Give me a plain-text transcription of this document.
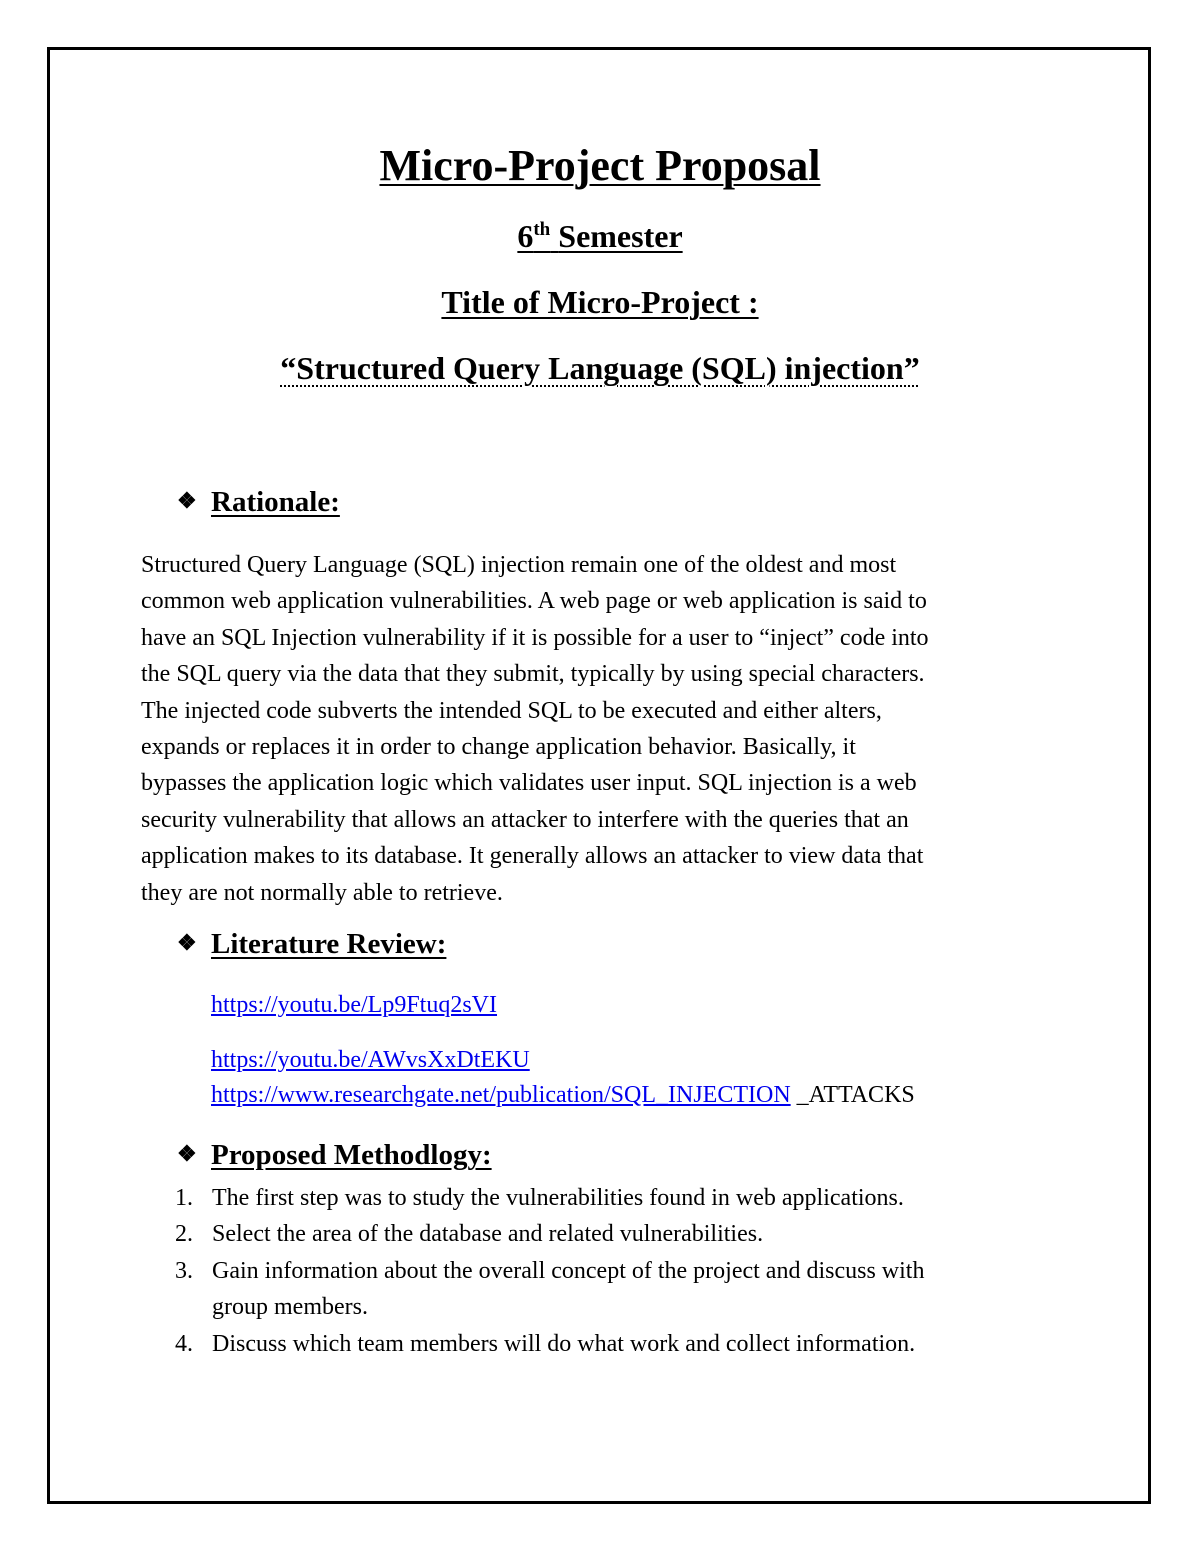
Micro-Project Proposal
6th Semester
Title of Micro-Project :
“Structured Query Language (SQL) injection”
❖ Rationale:
Structured Query Language (SQL) injection remain one of the oldest and most
common web application vulnerabilities. A web page or web application is said to
have an SQL Injection vulnerability if it is possible for a user to “inject” code into
the SQL query via the data that they submit, typically by using special characters.
The injected code subverts the intended SQL to be executed and either alters,
expands or replaces it in order to change application behavior. Basically, it
bypasses the application logic which validates user input. SQL injection is a web
security vulnerability that allows an attacker to interfere with the queries that an
application makes to its database. It generally allows an attacker to view data that
they are not normally able to retrieve.
❖ Literature Review:
https://youtu.be/Lp9Ftuq2sVI
https://youtu.be/AWvsXxDtEKU
https://www.researchgate.net/publication/SQL_INJECTION _ATTACKS
❖ Proposed Methodlogy:
1. The first step was to study the vulnerabilities found in web applications.
2. Select the area of the database and related vulnerabilities.
3. Gain information about the overall concept of the project and discuss with
group members.
4. Discuss which team members will do what work and collect information.
